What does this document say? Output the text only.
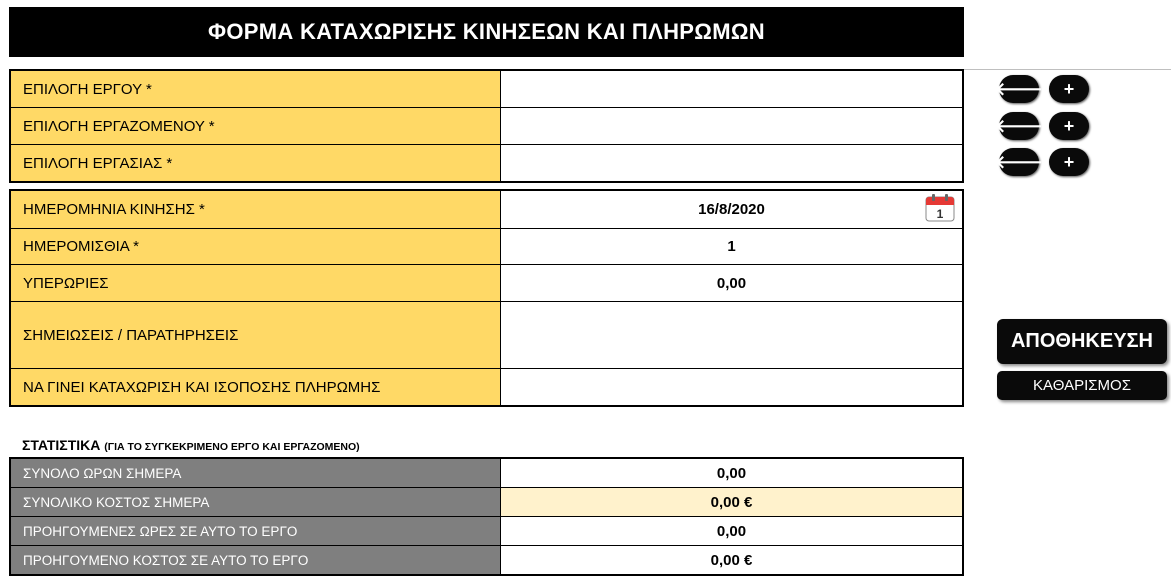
ΦΟΡΜΑ ΚΑΤΑΧΩΡΙΣΗΣ ΚΙΝΗΣΕΩΝ ΚΑΙ ΠΛΗΡΩΜΩΝ
ΕΠΙΛΟΓΗ ΕΡΓΟΥ *
ΕΠΙΛΟΓΗ ΕΡΓΑΖΟΜΕΝΟΥ *
ΕΠΙΛΟΓΗ ΕΡΓΑΣΙΑΣ *
🡐 +
🡐 +
🡐 +
ΗΜΕΡΟΜΗΝΙΑ ΚΙΝΗΣΗΣ *	16/8/2020	1
ΗΜΕΡΟΜΙΣΘΙΑ *	1
ΥΠΕΡΩΡΙΕΣ	0,00
ΣΗΜΕΙΩΣΕΙΣ / ΠΑΡΑΤΗΡΗΣΕΙΣ
ΝΑ ΓΙΝΕΙ ΚΑΤΑΧΩΡΙΣΗ ΚΑΙ ΙΣΟΠΟΣΗΣ ΠΛΗΡΩΜΗΣ
ΑΠΟΘΗΚΕΥΣΗ
ΚΑΘΑΡΙΣΜΟΣ
ΣΤΑΤΙΣΤΙΚΑ (ΓΙΑ ΤΟ ΣΥΓΚΕΚΡΙΜΕΝΟ ΕΡΓΟ ΚΑΙ ΕΡΓΑΖΟΜΕΝΟ)
ΣΥΝΟΛΟ ΩΡΩΝ ΣΗΜΕΡΑ	0,00
ΣΥΝΟΛΙΚΟ ΚΟΣΤΟΣ ΣΗΜΕΡΑ	0,00 €
ΠΡΟΗΓΟΥΜΕΝΕΣ ΩΡΕΣ ΣΕ ΑΥΤΟ ΤΟ ΕΡΓΟ	0,00
ΠΡΟΗΓΟΥΜΕΝΟ ΚΟΣΤΟΣ ΣΕ ΑΥΤΟ ΤΟ ΕΡΓΟ	0,00 €
